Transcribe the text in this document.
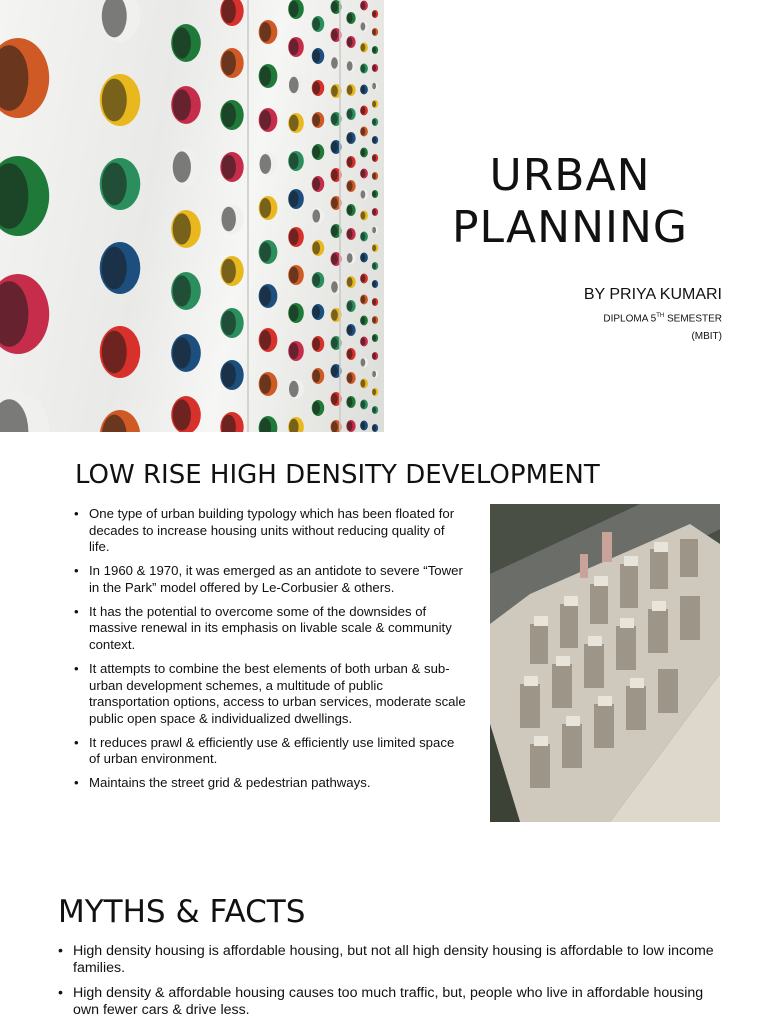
URBAN
PLANNING
BY PRIYA KUMARI
DIPLOMA 5TH SEMESTER
(MBIT)
LOW RISE HIGH DENSITY DEVELOPMENT
• One type of urban building typology which has been floated for decades to increase housing units without reducing quality of life.
• In 1960 & 1970, it was emerged as an antidote to severe “Tower in the Park” model offered by Le-Corbusier & others.
• It has the potential to overcome some of the downsides of massive renewal in its emphasis on livable scale & community context.
• It attempts to combine the best elements of both urban & sub-urban development schemes, a multitude of public transportation options, access to urban services, moderate scale public open space & individualized dwellings.
• It reduces prawl & efficiently use & efficiently use limited space of urban environment.
• Maintains the street grid & pedestrian pathways.
MYTHS & FACTS
• High density housing is affordable housing, but not all high density housing is affordable to low income families.
• High density & affordable housing causes too much traffic, but, people who live in affordable housing own fewer cars & drive less.
